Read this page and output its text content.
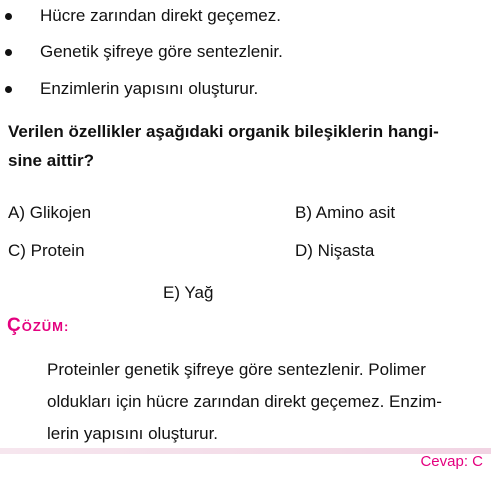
Hücre zarından direkt geçemez.
Genetik şifreye göre sentezlenir.
Enzimlerin yapısını oluşturur.
Verilen özellikler aşağıdaki organik bileşiklerin hangi-
sine aittir?
A) Glikojen	B) Amino asit
C) Protein	D) Nişasta
E) Yağ
ÇÖZÜM:
Proteinler genetik şifreye göre sentezlenir. Polimer
oldukları için hücre zarından direkt geçemez. Enzim-
lerin yapısını oluşturur.
Cevap: C
